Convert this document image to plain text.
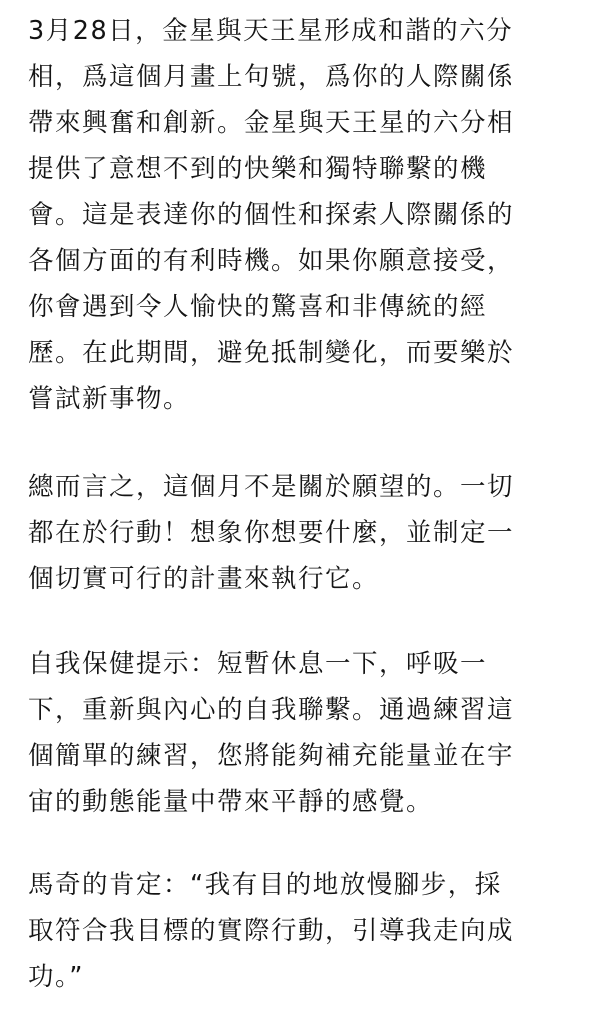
3月28日，金星與天王星形成和諧的六分
相，爲這個月畫上句號，爲你的人際關係
帶來興奮和創新。金星與天王星的六分相
提供了意想不到的快樂和獨特聯繫的機
會。這是表達你的個性和探索人際關係的
各個方面的有利時機。如果你願意接受，
你會遇到令人愉快的驚喜和非傳統的經
歷。在此期間，避免抵制變化，而要樂於
嘗試新事物。

總而言之，這個月不是關於願望的。一切
都在於行動！想象你想要什麼，並制定一
個切實可行的計畫來執行它。

自我保健提示：短暫休息一下，呼吸一
下，重新與內心的自我聯繫。通過練習這
個簡單的練習，您將能夠補充能量並在宇
宙的動態能量中帶來平靜的感覺。

馬奇的肯定：“我有目的地放慢腳步，採
取符合我目標的實際行動，引導我走向成
功。”
